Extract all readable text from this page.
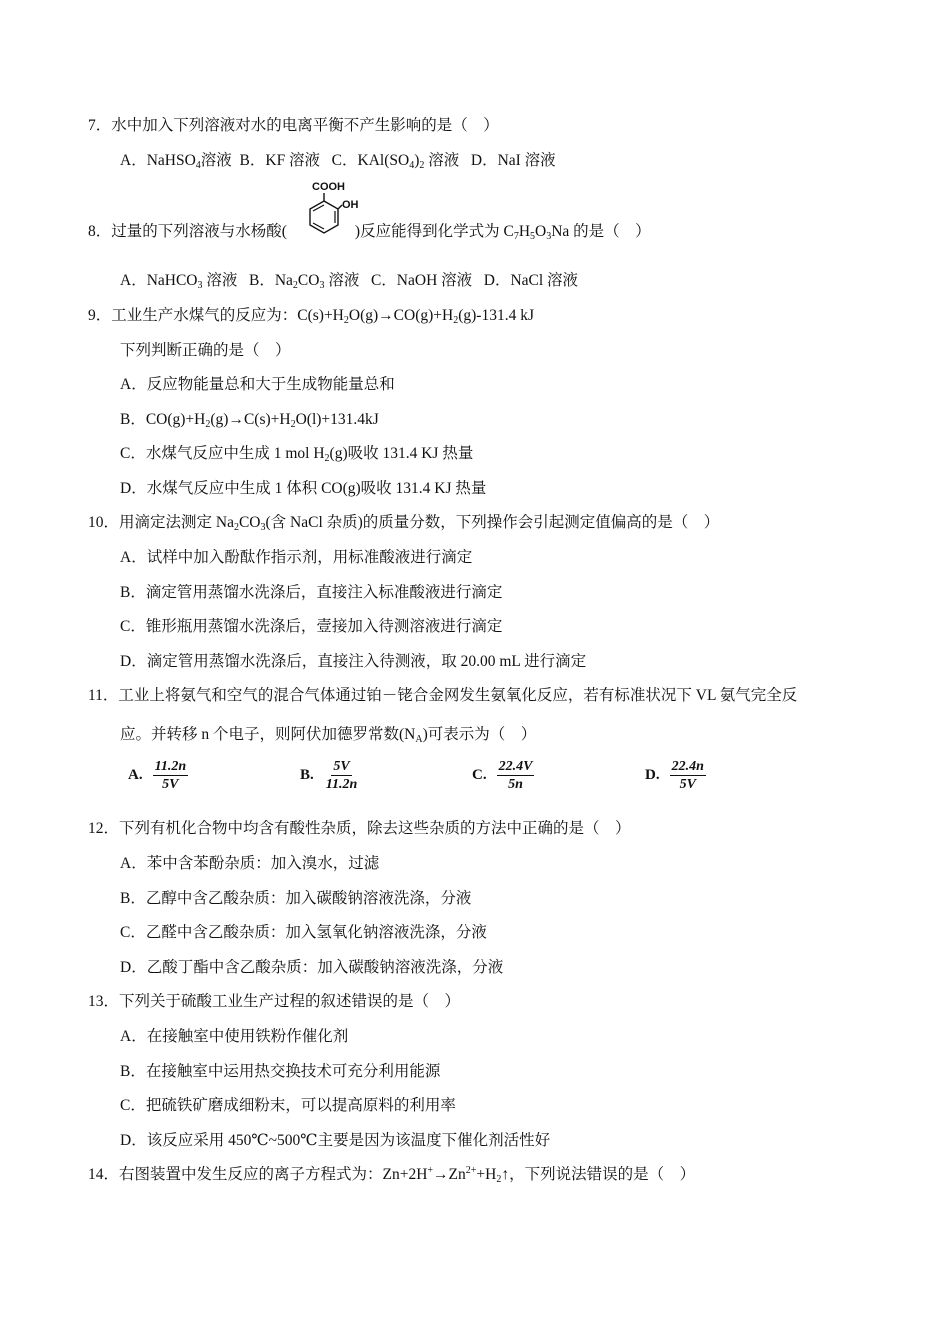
7．水中加入下列溶液对水的电离平衡不产生影响的是（　）
A．NaHSO$_4$溶液  B．KF 溶液   C．$KAl(SO_4)_2$ 溶液   D．NaI 溶液
8．过量的下列溶液与水杨酸(	)反应能得到化学式为 $C_7H_5O_3Na$ 的是（　）
COOH
OH
A．NaHCO$_3$ 溶液   B．$Na_2CO_3$ 溶液   C．NaOH 溶液   D．NaCl 溶液
9．工业生产水煤气的反应为：$C(s)+H_2O(g)\to CO(g)+H_2(g)-131.4$ kJ
下列判断正确的是（　）
A．反应物能量总和大于生成物能量总和
B．$CO(g)+H_2(g)\to C(s)+H_2O(l)+131.4kJ$
C．水煤气反应中生成 1 mol $H_2(g)$吸收 131.4 KJ 热量
D．水煤气反应中生成 1 体积 CO(g)吸收 131.4 KJ 热量
10．用滴定法测定 $Na_2CO_3$(含 NaCl 杂质)的质量分数，下列操作会引起测定值偏高的是（　）
A．试样中加入酚酞作指示剂，用标准酸液进行滴定
B．滴定管用蒸馏水洗涤后，直接注入标准酸液进行滴定
C．锥形瓶用蒸馏水洗涤后，壹接加入待测溶液进行滴定
D．滴定管用蒸馏水洗涤后，直接注入待测液，取 20.00 mL 进行滴定
11．工业上将氨气和空气的混合气体通过铂－铑合金网发生氨氧化反应，若有标准状况下 VL 氨气完全反
应。并转移 n 个电子，则阿伏加德罗常数$(N_A)$可表示为（　）
A. $\frac{11.2n}{5V}$	B. $\frac{5V}{11.2n}$	C. $\frac{22.4V}{5n}$	D. $\frac{22.4n}{5V}$
12．下列有机化合物中均含有酸性杂质，除去这些杂质的方法中正确的是（　）
A．苯中含苯酚杂质：加入溴水，过滤
B．乙醇中含乙酸杂质：加入碳酸钠溶液洗涤，分液
C．乙醛中含乙酸杂质：加入氢氧化钠溶液洗涤，分液
D．乙酸丁酯中含乙酸杂质：加入碳酸钠溶液洗涤，分液
13．下列关于硫酸工业生产过程的叙述错误的是（　）
A．在接触室中使用铁粉作催化剂
B．在接触室中运用热交换技术可充分利用能源
C．把硫铁矿磨成细粉末，可以提高原料的利用率
D．该反应采用 450℃~500℃主要是因为该温度下催化剂活性好
14．右图装置中发生反应的离子方程式为：$Zn+2H^+\to Zn^{2+}+H_2↑$，下列说法错误的是（　）
